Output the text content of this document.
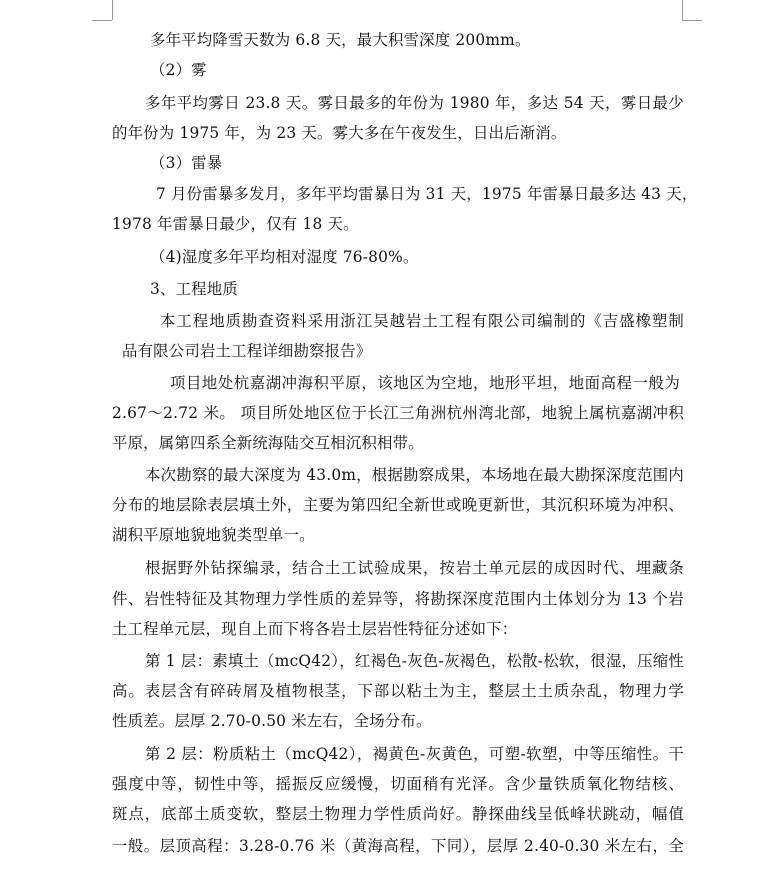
多年平均降雪天数为 6.8 天，最大积雪深度 200mm。
（2）雾
多年平均雾日 23.8 天。雾日最多的年份为 1980 年，多达 54 天，雾日最少
的年份为 1975 年，为 23 天。雾大多在午夜发生，日出后渐消。
（3）雷暴
7 月份雷暴多发月，多年平均雷暴日为 31 天，1975 年雷暴日最多达 43 天，
1978 年雷暴日最少，仅有 18 天。
（4)湿度多年平均相对湿度 76-80%。
3、工程地质
本工程地质勘查资料采用浙江吴越岩土工程有限公司编制的《吉盛橡塑制
品有限公司岩土工程详细勘察报告》
项目地处杭嘉湖冲海积平原，该地区为空地，地形平坦，地面高程一般为
2.67～2.72 米。 项目所处地区位于长江三角洲杭州湾北部，地貌上属杭嘉湖冲积
平原，属第四系全新统海陆交互相沉积相带。
本次勘察的最大深度为 43.0m，根据勘察成果，本场地在最大勘探深度范围内
分布的地层除表层填土外，主要为第四纪全新世或晚更新世，其沉积环境为冲积、
湖积平原地貌地貌类型单一。
根据野外钻探编录，结合土工试验成果，按岩土单元层的成因时代、埋藏条
件、岩性特征及其物理力学性质的差异等，将勘探深度范围内土体划分为 13 个岩
土工程单元层，现自上而下将各岩土层岩性特征分述如下：
第 1 层：素填土（mcQ42），红褐色-灰色-灰褐色，松散-松软，很湿，压缩性
高。表层含有碎砖屑及植物根茎，下部以粘土为主，整层土土质杂乱，物理力学
性质差。层厚 2.70-0.50 米左右，全场分布。
第 2 层：粉质粘土（mcQ42），褐黄色-灰黄色，可塑-软塑，中等压缩性。干
强度中等，韧性中等，摇振反应缓慢，切面稍有光泽。含少量铁质氧化物结核、
斑点，底部土质变软，整层土物理力学性质尚好。静探曲线呈低峰状跳动，幅值
一般。层顶高程：3.28-0.76 米（黄海高程，下同），层厚 2.40-0.30 米左右，全
